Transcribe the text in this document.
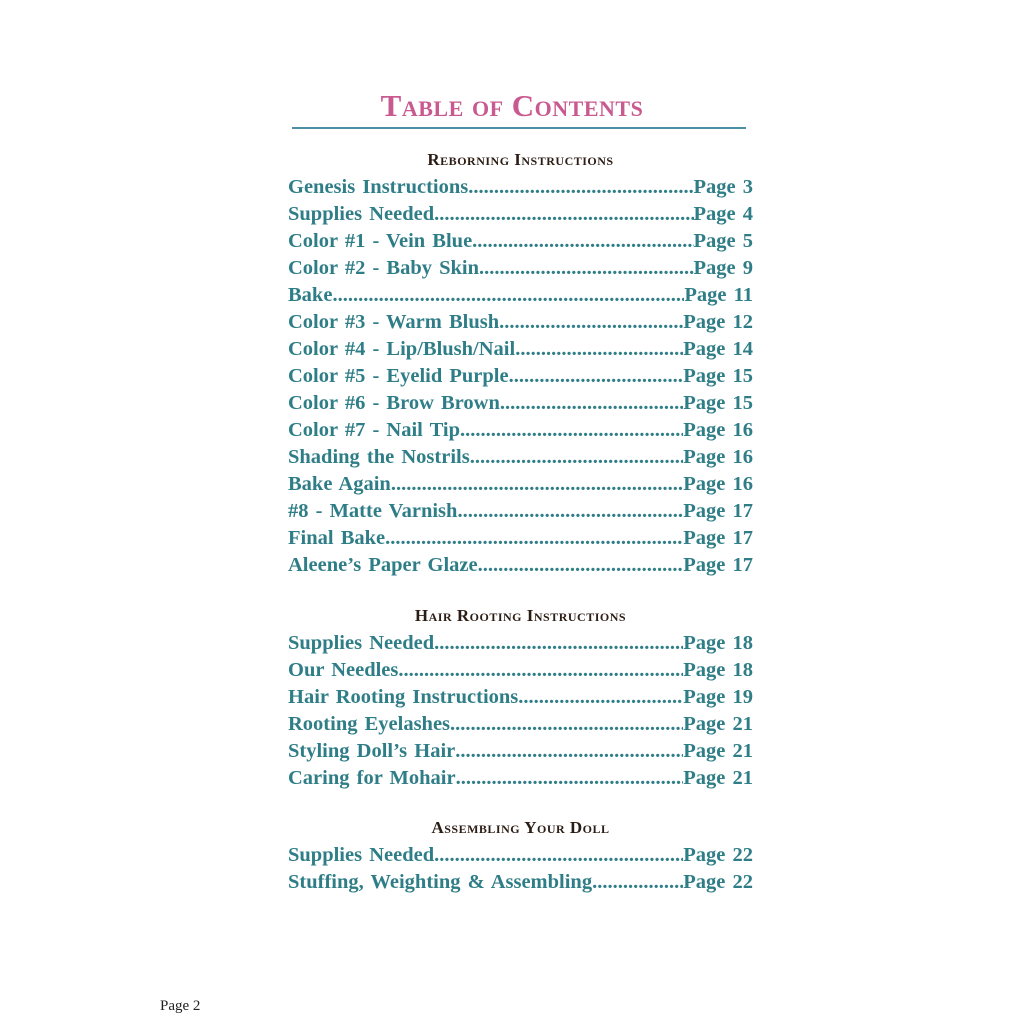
Table of Contents
Reborning Instructions
Genesis Instructions .....	Page 3
Supplies Needed .....	Page 4
Color #1 - Vein Blue .....	Page 5
Color #2 - Baby Skin .....	Page 9
Bake .....	Page 11
Color #3 - Warm Blush .....	Page 12
Color #4 - Lip/Blush/Nail .....	Page 14
Color #5 - Eyelid Purple .....	Page 15
Color #6 - Brow Brown .....	Page 15
Color #7 - Nail Tip .....	Page 16
Shading the Nostrils .....	Page 16
Bake Again .....	Page 16
#8 - Matte Varnish .....	Page 17
Final Bake .....	Page 17
Aleene’s Paper Glaze .....	Page 17
Hair Rooting Instructions
Supplies Needed .....	Page 18
Our Needles .....	Page 18
Hair Rooting Instructions .....	Page 19
Rooting Eyelashes .....	Page 21
Styling Doll’s Hair .....	Page 21
Caring for Mohair .....	Page 21
Assembling Your Doll
Supplies Needed .....	Page 22
Stuffing, Weighting & Assembling .....	Page 22
Page 2
